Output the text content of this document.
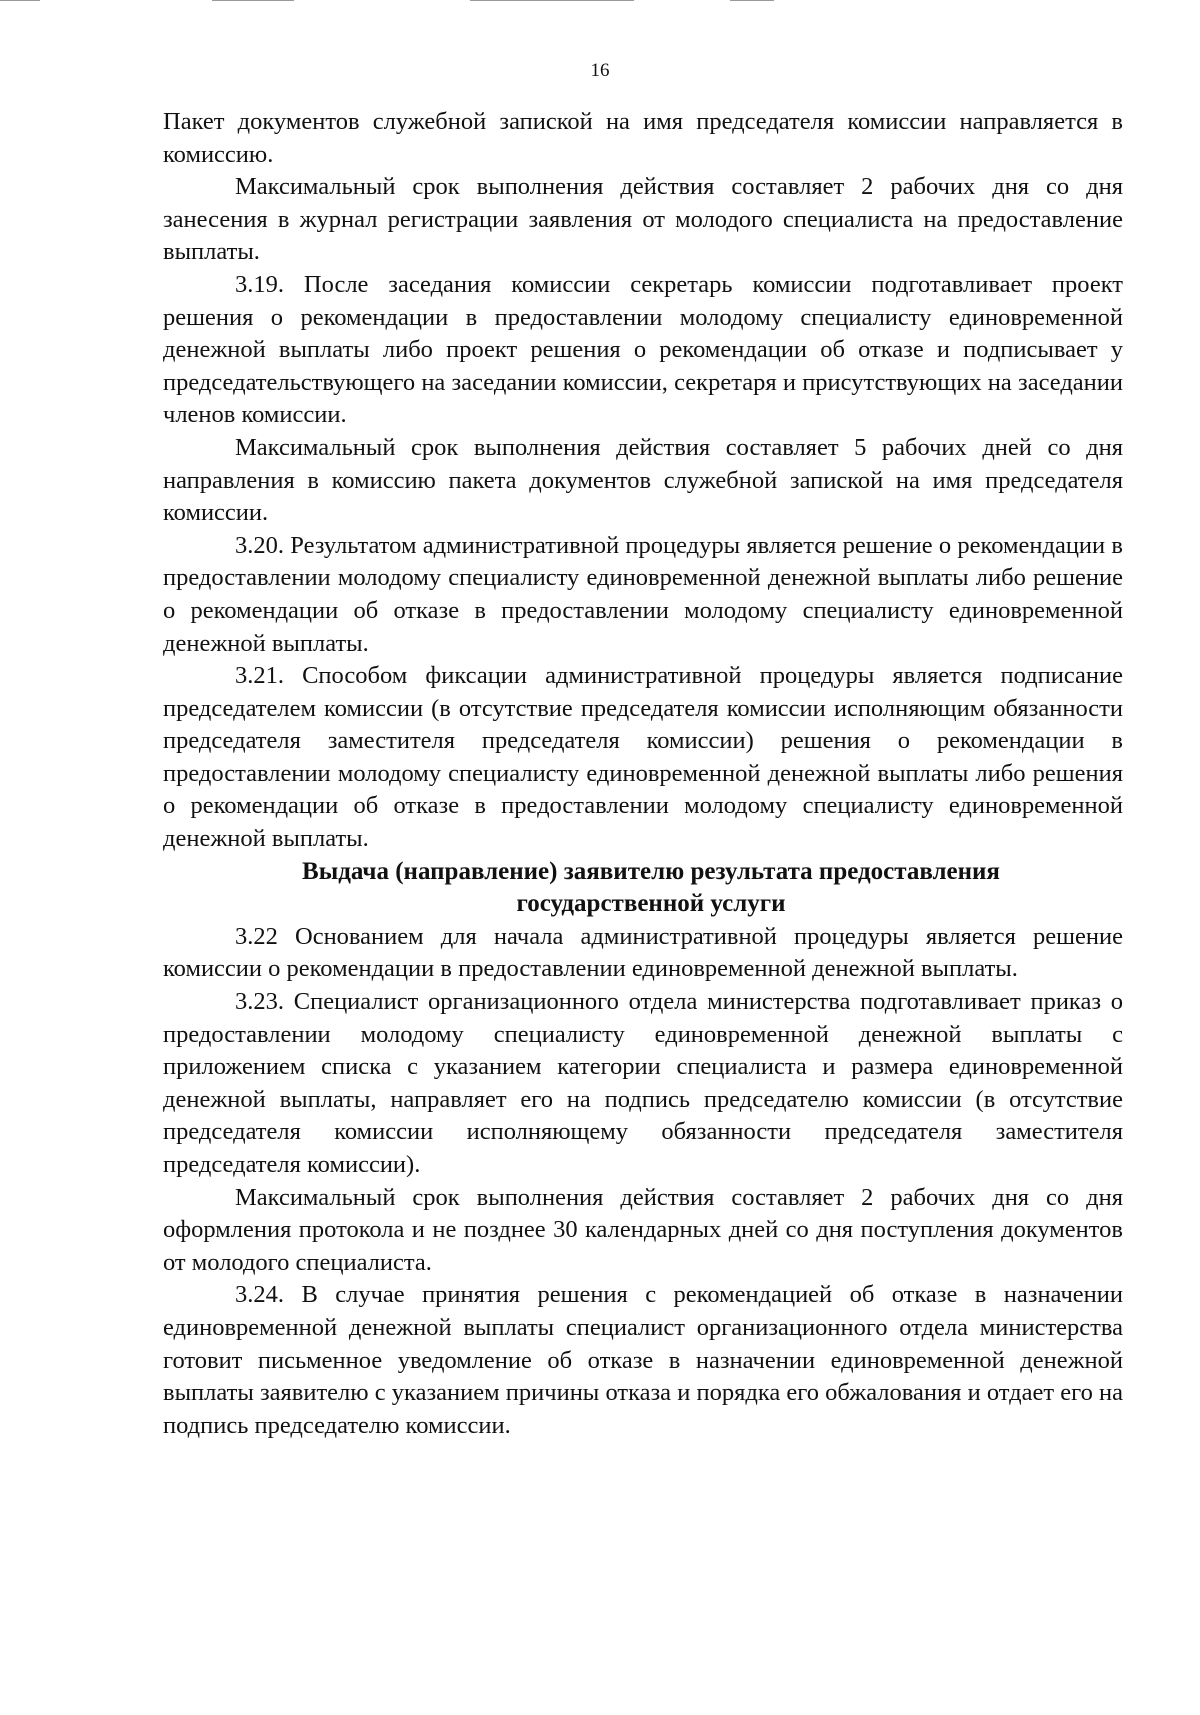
16

Пакет документов служебной запиской на имя председателя комиссии направляется в комиссию.

Максимальный срок выполнения действия составляет 2 рабочих дня со дня занесения в журнал регистрации заявления от молодого специалиста на предоставление выплаты.

3.19. После заседания комиссии секретарь комиссии подготавливает проект решения о рекомендации в предоставлении молодому специалисту единовременной денежной выплаты либо проект решения о рекомендации об отказе и подписывает у председательствующего на заседании комиссии, секретаря и присутствующих на заседании членов комиссии.

Максимальный срок выполнения действия составляет 5 рабочих дней со дня направления в комиссию пакета документов служебной запиской на имя председателя комиссии.

3.20. Результатом административной процедуры является решение о рекомендации в предоставлении молодому специалисту единовременной денежной выплаты либо решение о рекомендации об отказе в предоставлении молодому специалисту единовременной денежной выплаты.

3.21. Способом фиксации административной процедуры является подписание председателем комиссии (в отсутствие председателя комиссии исполняющим обязанности председателя заместителя председателя комиссии) решения о рекомендации в предоставлении молодому специалисту единовременной денежной выплаты либо решения о рекомендации об отказе в предоставлении молодому специалисту единовременной денежной выплаты.

Выдача (направление) заявителю результата предоставления
государственной услуги

3.22 Основанием для начала административной процедуры является решение комиссии о рекомендации в предоставлении единовременной денежной выплаты.

3.23. Специалист организационного отдела министерства подготавливает приказ о предоставлении молодому специалисту единовременной денежной выплаты с приложением списка с указанием категории специалиста и размера единовременной денежной выплаты, направляет его на подпись председателю комиссии (в отсутствие председателя комиссии исполняющему обязанности председателя заместителя председателя комиссии).

Максимальный срок выполнения действия составляет 2 рабочих дня со дня оформления протокола и не позднее 30 календарных дней со дня поступления документов от молодого специалиста.

3.24. В случае принятия решения с рекомендацией об отказе в назначении единовременной денежной выплаты специалист организационного отдела министерства готовит письменное уведомление об отказе в назначении единовременной денежной выплаты заявителю с указанием причины отказа и порядка его обжалования и отдает его на подпись председателю комиссии.
